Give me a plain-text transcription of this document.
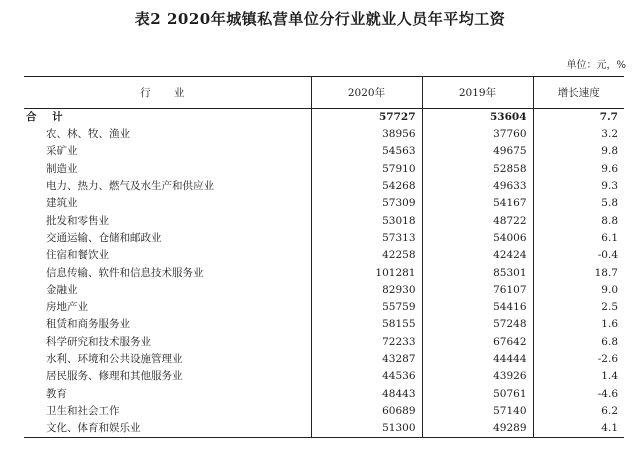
表2 2020年城镇私营单位分行业就业人员年平均工资
单位：元，%
行 业	2020年	2019年	增长速度
合 计	57727	53604	7.7
农、林、牧、渔业	38956	37760	3.2
采矿业	54563	49675	9.8
制造业	57910	52858	9.6
电力、热力、燃气及水生产和供应业	54268	49633	9.3
建筑业	57309	54167	5.8
批发和零售业	53018	48722	8.8
交通运输、仓储和邮政业	57313	54006	6.1
住宿和餐饮业	42258	42424	-0.4
信息传输、软件和信息技术服务业	101281	85301	18.7
金融业	82930	76107	9.0
房地产业	55759	54416	2.5
租赁和商务服务业	58155	57248	1.6
科学研究和技术服务业	72233	67642	6.8
水利、环境和公共设施管理业	43287	44444	-2.6
居民服务、修理和其他服务业	44536	43926	1.4
教育	48443	50761	-4.6
卫生和社会工作	60689	57140	6.2
文化、体育和娱乐业	51300	49289	4.1
